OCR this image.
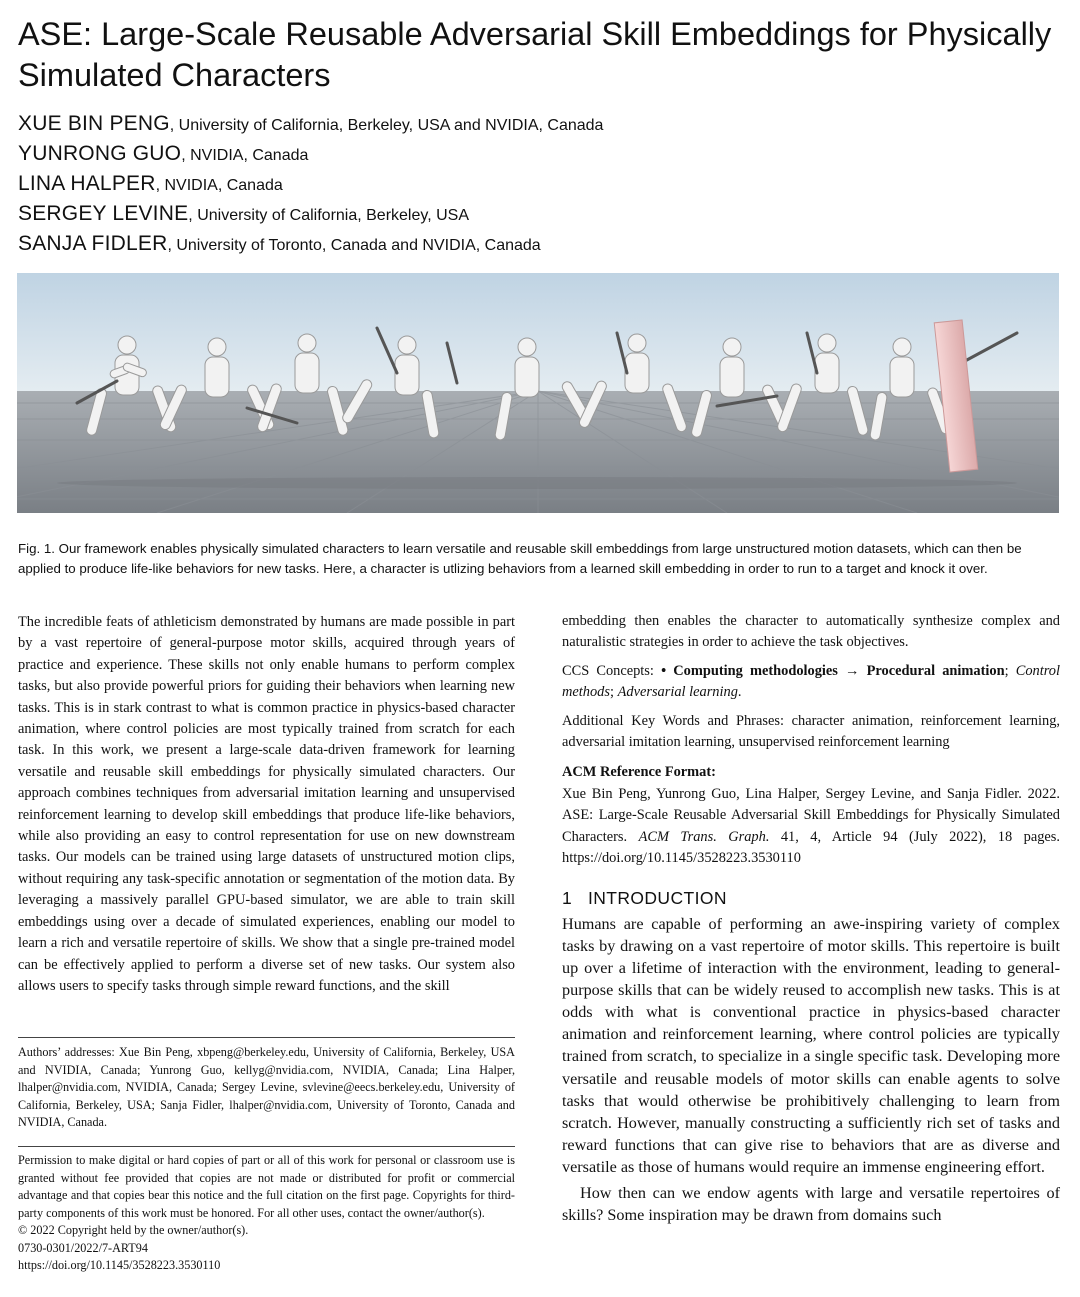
ASE: Large-Scale Reusable Adversarial Skill Embeddings for Physically Simulated Characters
XUE BIN PENG, University of California, Berkeley, USA and NVIDIA, Canada
YUNRONG GUO, NVIDIA, Canada
LINA HALPER, NVIDIA, Canada
SERGEY LEVINE, University of California, Berkeley, USA
SANJA FIDLER, University of Toronto, Canada and NVIDIA, Canada

Fig. 1. Our framework enables physically simulated characters to learn versatile and reusable skill embeddings from large unstructured motion datasets, which can then be applied to produce life-like behaviors for new tasks. Here, a character is utlizing behaviors from a learned skill embedding in order to run to a target and knock it over.

The incredible feats of athleticism demonstrated by humans are made possible in part by a vast repertoire of general-purpose motor skills, acquired through years of practice and experience. These skills not only enable humans to perform complex tasks, but also provide powerful priors for guiding their behaviors when learning new tasks. This is in stark contrast to what is common practice in physics-based character animation, where control policies are most typically trained from scratch for each task. In this work, we present a large-scale data-driven framework for learning versatile and reusable skill embeddings for physically simulated characters. Our approach combines techniques from adversarial imitation learning and unsupervised reinforcement learning to develop skill embeddings that produce life-like behaviors, while also providing an easy to control representation for use on new downstream tasks. Our models can be trained using large datasets of unstructured motion clips, without requiring any task-specific annotation or segmentation of the motion data. By leveraging a massively parallel GPU-based simulator, we are able to train skill embeddings using over a decade of simulated experiences, enabling our model to learn a rich and versatile repertoire of skills. We show that a single pre-trained model can be effectively applied to perform a diverse set of new tasks. Our system also allows users to specify tasks through simple reward functions, and the skill

Authors’ addresses: Xue Bin Peng, xbpeng@berkeley.edu, University of California, Berkeley, USA and NVIDIA, Canada; Yunrong Guo, kellyg@nvidia.com, NVIDIA, Canada; Lina Halper, lhalper@nvidia.com, NVIDIA, Canada; Sergey Levine, svlevine@eecs.berkeley.edu, University of California, Berkeley, USA; Sanja Fidler, lhalper@nvidia.com, University of Toronto, Canada and NVIDIA, Canada.

Permission to make digital or hard copies of part or all of this work for personal or classroom use is granted without fee provided that copies are not made or distributed for profit or commercial advantage and that copies bear this notice and the full citation on the first page. Copyrights for third-party components of this work must be honored. For all other uses, contact the owner/author(s).

© 2022 Copyright held by the owner/author(s).

0730-0301/2022/7-ART94

https://doi.org/10.1145/3528223.3530110

embedding then enables the character to automatically synthesize complex and naturalistic strategies in order to achieve the task objectives.

CCS Concepts: • Computing methodologies → Procedural animation; Control methods; Adversarial learning.

Additional Key Words and Phrases: character animation, reinforcement learning, adversarial imitation learning, unsupervised reinforcement learning

ACM Reference Format:
Xue Bin Peng, Yunrong Guo, Lina Halper, Sergey Levine, and Sanja Fidler. 2022. ASE: Large-Scale Reusable Adversarial Skill Embeddings for Physically Simulated Characters. ACM Trans. Graph. 41, 4, Article 94 (July 2022), 18 pages. https://doi.org/10.1145/3528223.3530110

1 INTRODUCTION

Humans are capable of performing an awe-inspiring variety of complex tasks by drawing on a vast repertoire of motor skills. This repertoire is built up over a lifetime of interaction with the environment, leading to general-purpose skills that can be widely reused to accomplish new tasks. This is at odds with what is conventional practice in physics-based character animation and reinforcement learning, where control policies are typically trained from scratch, to specialize in a single specific task. Developing more versatile and reusable models of motor skills can enable agents to solve tasks that would otherwise be prohibitively challenging to learn from scratch. However, manually constructing a sufficiently rich set of tasks and reward functions that can give rise to behaviors that are as diverse and versatile as those of humans would require an immense engineering effort.

How then can we endow agents with large and versatile repertoires of skills? Some inspiration may be drawn from domains such
